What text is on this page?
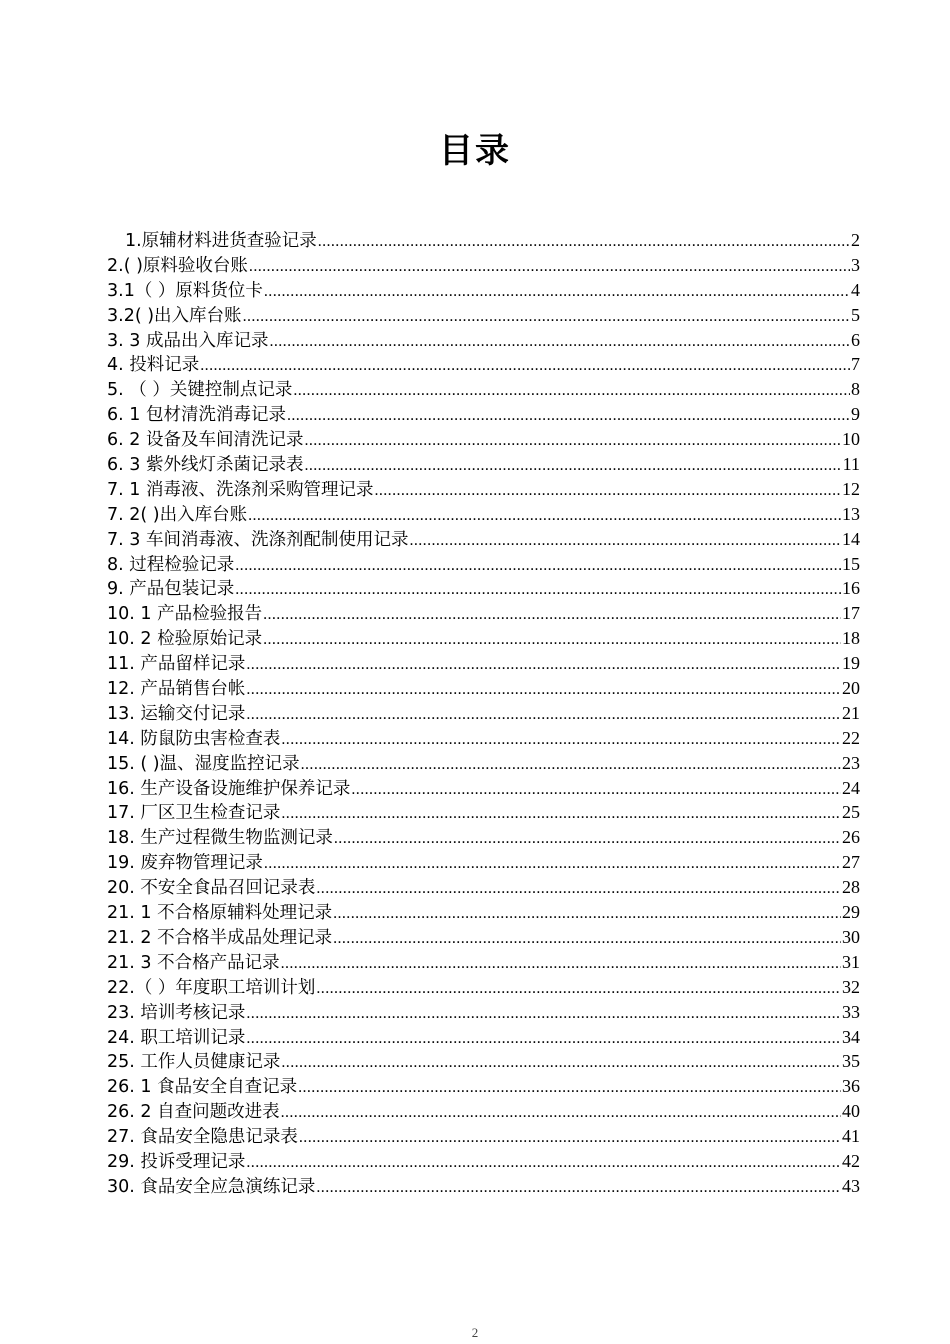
目录
1.原辅材料进货查验记录 .....	2
2.( )原料验收台账 .....	3
3.1（ ）原料货位卡 .....	4
3.2( )出入库台账 .....	5
3. 3 成品出入库记录 .....	6
4. 投料记录 .....	7
5. （ ）关键控制点记录 .....	8
6. 1 包材清洗消毒记录 .....	9
6. 2 设备及车间清洗记录 .....	10
6. 3 紫外线灯杀菌记录表 .....	11
7. 1 消毒液、洗涤剂采购管理记录 .....	12
7. 2( )出入库台账 .....	13
7. 3 车间消毒液、洗涤剂配制使用记录 .....	14
8. 过程检验记录 .....	15
9. 产品包装记录 .....	16
10. 1 产品检验报告 .....	17
10. 2 检验原始记录 .....	18
11. 产品留样记录 .....	19
12. 产品销售台帐 .....	20
13. 运输交付记录 .....	21
14. 防鼠防虫害检查表 .....	22
15. ( )温、湿度监控记录 .....	23
16. 生产设备设施维护保养记录 .....	24
17. 厂区卫生检查记录 .....	25
18. 生产过程微生物监测记录 .....	26
19. 废弃物管理记录 .....	27
20. 不安全食品召回记录表 .....	28
21. 1 不合格原辅料处理记录 .....	29
21. 2 不合格半成品处理记录 .....	30
21. 3 不合格产品记录 .....	31
22.（ ）年度职工培训计划 .....	32
23. 培训考核记录 .....	33
24. 职工培训记录 .....	34
25. 工作人员健康记录 .....	35
26. 1 食品安全自查记录 .....	36
26. 2 自查问题改进表 .....	40
27. 食品安全隐患记录表 .....	41
29. 投诉受理记录 .....	42
30. 食品安全应急演练记录 .....	43
2
